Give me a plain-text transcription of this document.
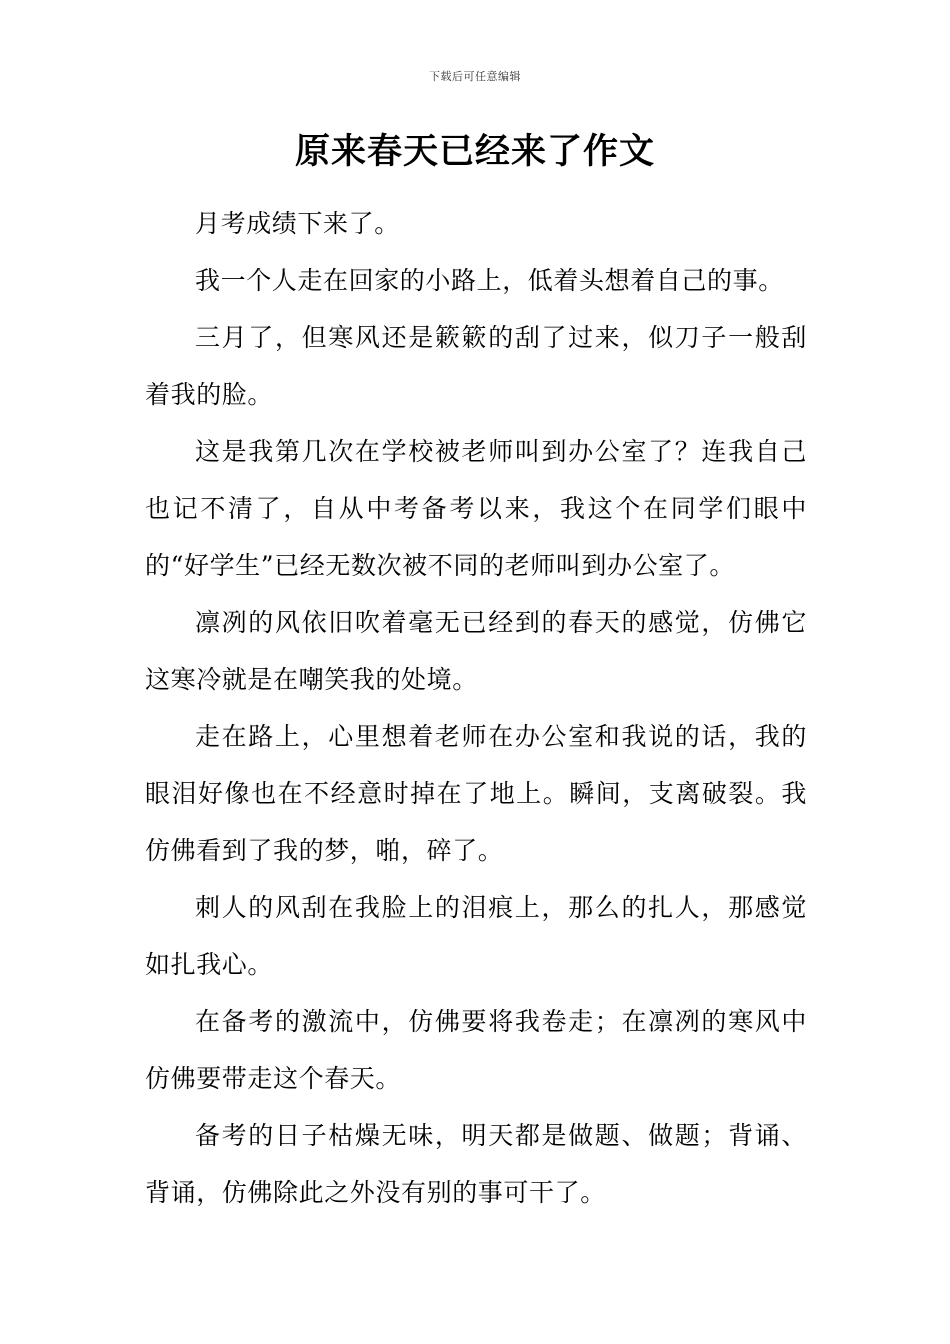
下载后可任意编辑
原来春天已经来了作文

月考成绩下来了。

我一个人走在回家的小路上，低着头想着自己的事。

三月了，但寒风还是簌簌的刮了过来，似刀子一般刮着我的脸。

这是我第几次在学校被老师叫到办公室了？连我自己也记不清了，自从中考备考以来，我这个在同学们眼中的“好学生”已经无数次被不同的老师叫到办公室了。

凛冽的风依旧吹着毫无已经到的春天的感觉，仿佛它这寒冷就是在嘲笑我的处境。

走在路上，心里想着老师在办公室和我说的话，我的眼泪好像也在不经意时掉在了地上。瞬间，支离破裂。我仿佛看到了我的梦，啪，碎了。

刺人的风刮在我脸上的泪痕上，那么的扎人，那感觉如扎我心。

在备考的激流中，仿佛要将我卷走；在凛冽的寒风中仿佛要带走这个春天。

备考的日子枯燥无味，明天都是做题、做题；背诵、背诵，仿佛除此之外没有别的事可干了。
